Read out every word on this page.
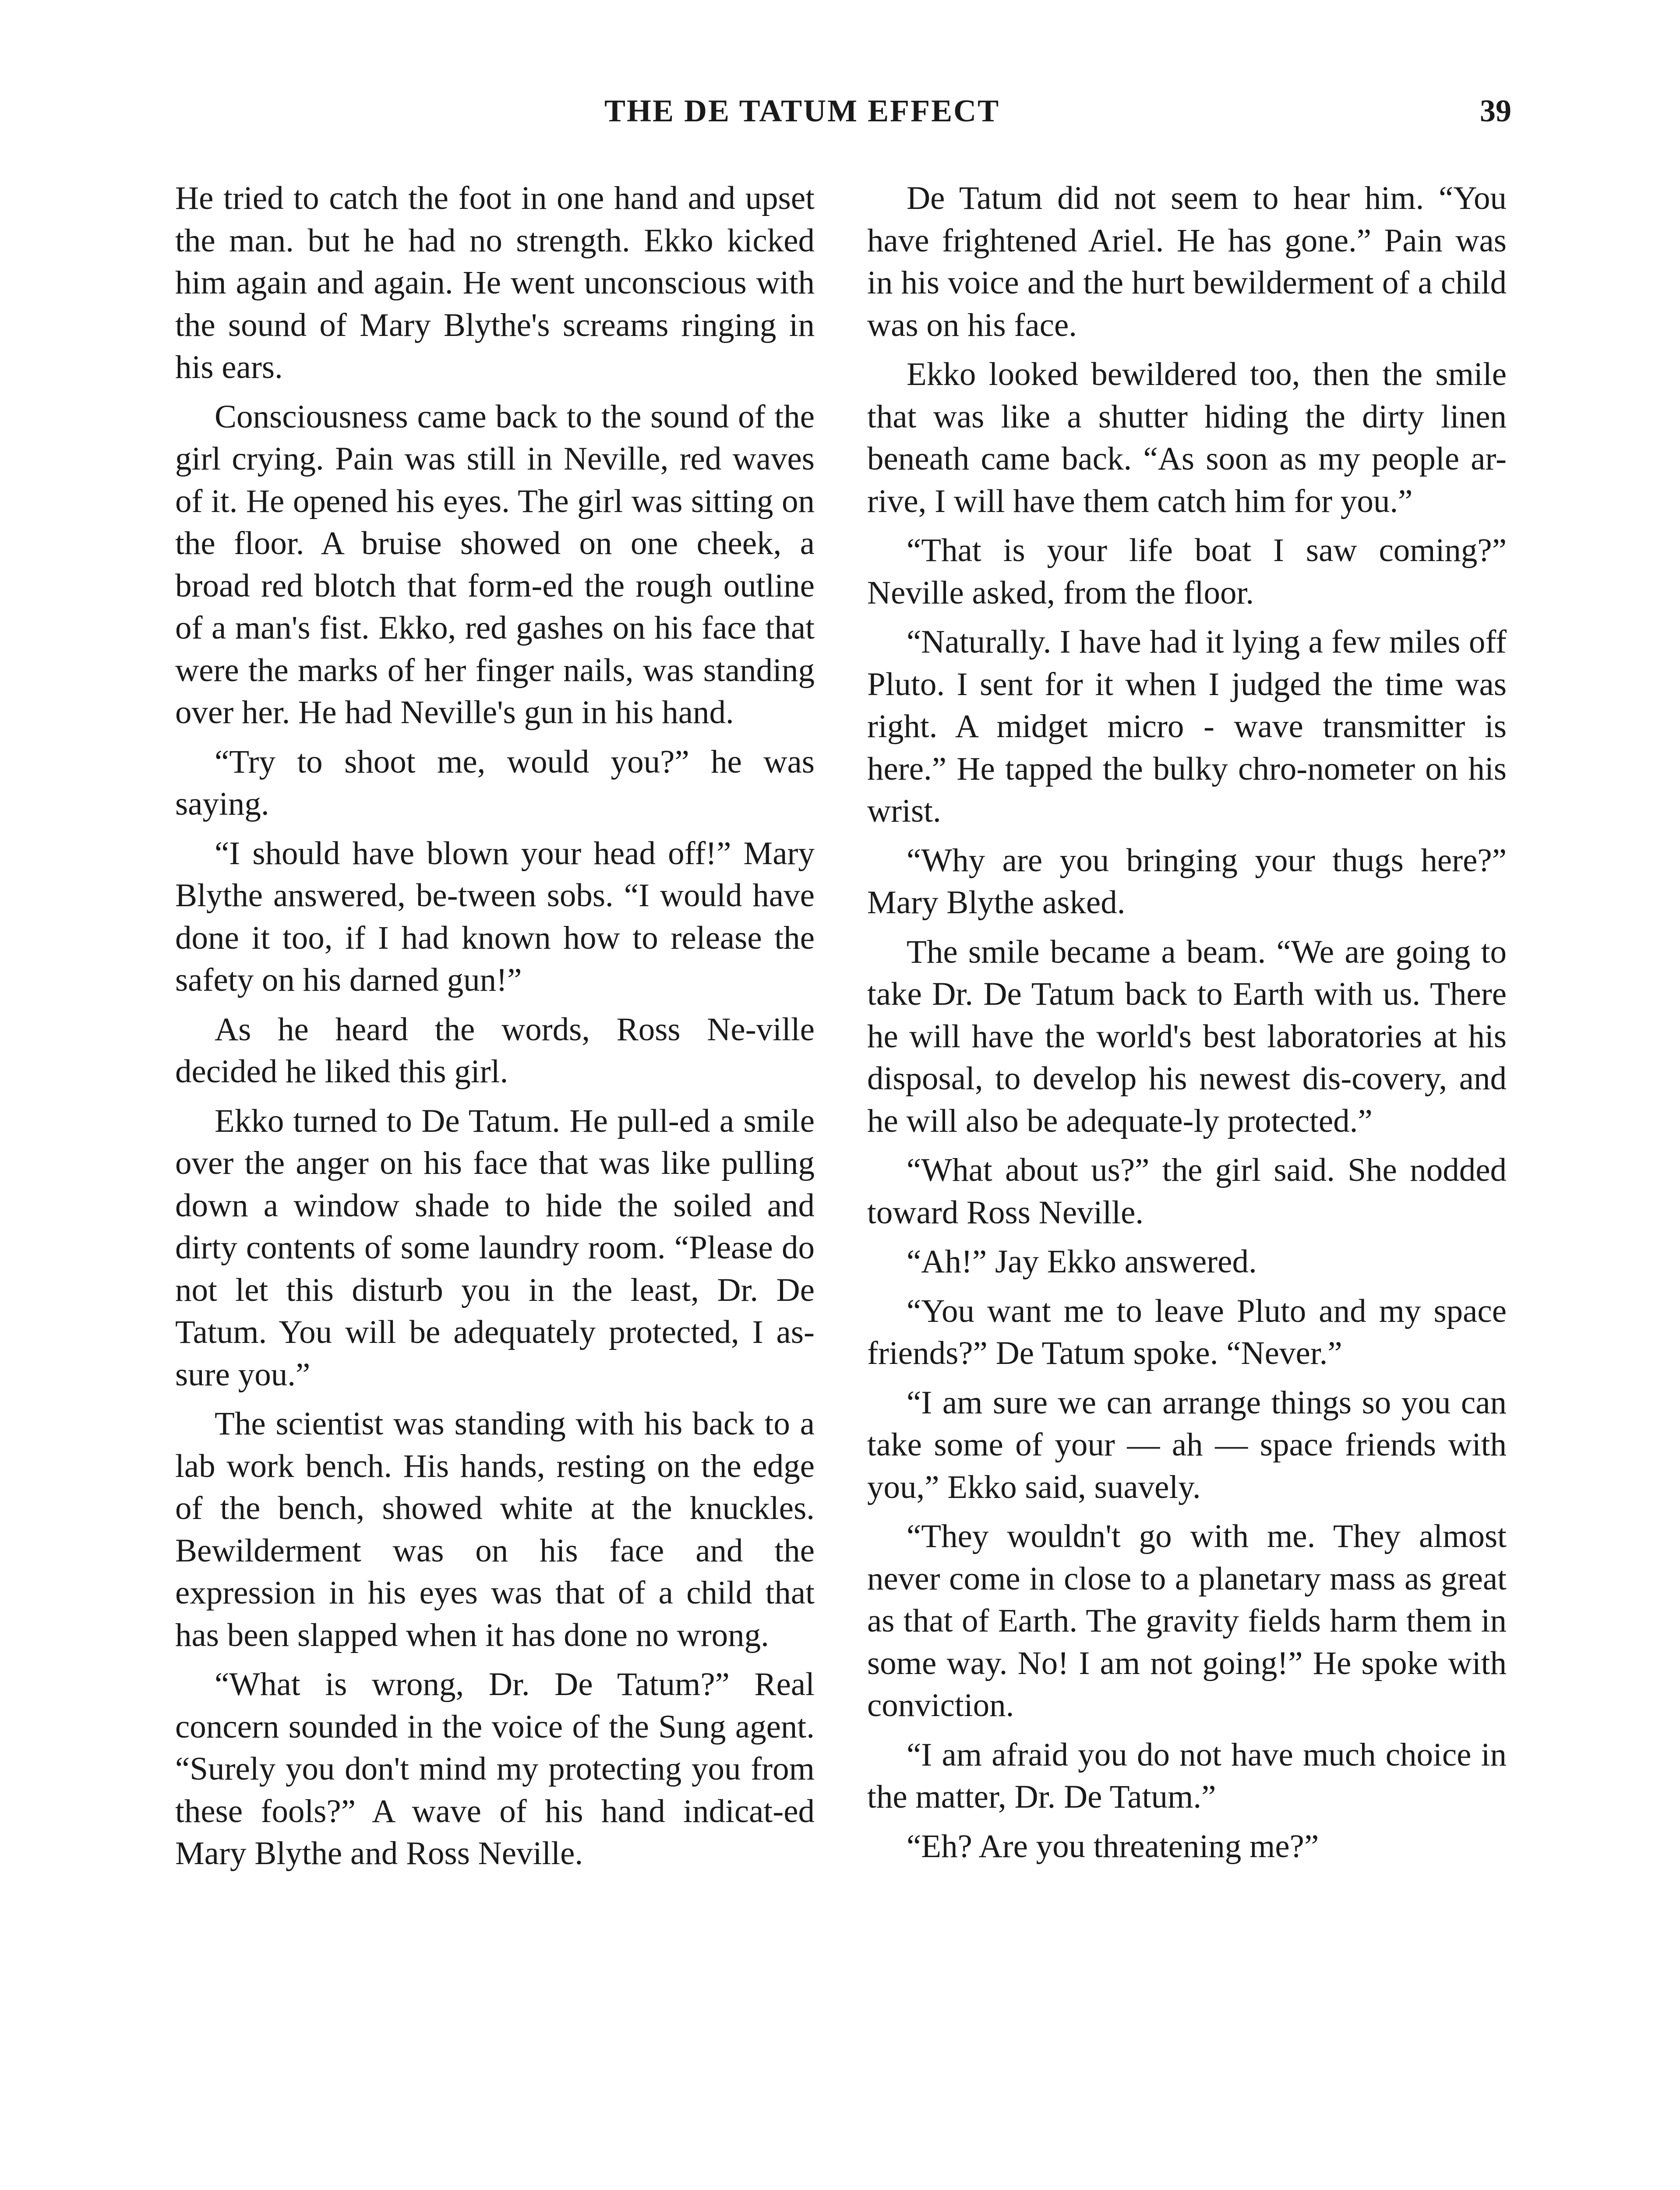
THE DE TATUM EFFECT	39

He tried to catch the foot in one hand and upset the man. but he had no strength. Ekko kicked him again and again. He went unconscious with the sound of Mary Blythe's screams ringing in his ears.

Consciousness came back to the sound of the girl crying. Pain was still in Neville, red waves of it. He opened his eyes. The girl was sitting on the floor. A bruise showed on one cheek, a broad red blotch that form-ed the rough outline of a man's fist. Ekko, red gashes on his face that were the marks of her finger nails, was standing over her. He had Neville's gun in his hand.

“Try to shoot me, would you?” he was saying.

“I should have blown your head off!” Mary Blythe answered, be-tween sobs. “I would have done it too, if I had known how to release the safety on his darned gun!”

As he heard the words, Ross Ne-ville decided he liked this girl.

Ekko turned to De Tatum. He pull-ed a smile over the anger on his face that was like pulling down a window shade to hide the soiled and dirty contents of some laundry room. “Please do not let this disturb you in the least, Dr. De Tatum. You will be adequately protected, I as-sure you.”

The scientist was standing with his back to a lab work bench. His hands, resting on the edge of the bench, showed white at the knuckles. Bewilderment was on his face and the expression in his eyes was that of a child that has been slapped when it has done no wrong.

“What is wrong, Dr. De Tatum?” Real concern sounded in the voice of the Sung agent. “Surely you don't mind my protecting you from these fools?” A wave of his hand indicat-ed Mary Blythe and Ross Neville.

De Tatum did not seem to hear him. “You have frightened Ariel. He has gone.” Pain was in his voice and the hurt bewilderment of a child was on his face.

Ekko looked bewildered too, then the smile that was like a shutter hiding the dirty linen beneath came back. “As soon as my people ar-rive, I will have them catch him for you.”

“That is your life boat I saw coming?” Neville asked, from the floor.

“Naturally. I have had it lying a few miles off Pluto. I sent for it when I judged the time was right. A midget micro - wave transmitter is here.” He tapped the bulky chro-nometer on his wrist.

“Why are you bringing your thugs here?” Mary Blythe asked.

The smile became a beam. “We are going to take Dr. De Tatum back to Earth with us. There he will have the world's best laboratories at his disposal, to develop his newest dis-covery, and he will also be adequate-ly protected.”

“What about us?” the girl said. She nodded toward Ross Neville.

“Ah!” Jay Ekko answered.

“You want me to leave Pluto and my space friends?” De Tatum spoke. “Never.”

“I am sure we can arrange things so you can take some of your — ah — space friends with you,” Ekko said, suavely.

“They wouldn't go with me. They almost never come in close to a planetary mass as great as that of Earth. The gravity fields harm them in some way. No! I am not going!” He spoke with conviction.

“I am afraid you do not have much choice in the matter, Dr. De Tatum.”

“Eh? Are you threatening me?”
